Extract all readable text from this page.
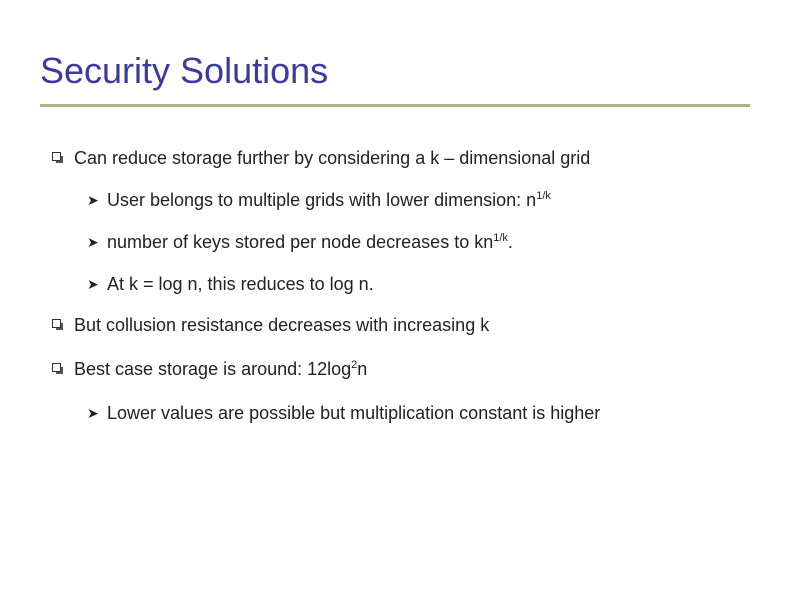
Security Solutions
Can reduce storage further by considering a k – dimensional grid
➤ User belongs to multiple grids with lower dimension: $n^{1/k}$
➤ number of keys stored per node decreases to $kn^{1/k}$.
➤ At k = log n, this reduces to log n.
But collusion resistance decreases with increasing k
Best case storage is around: $12\log^2n$
➤ Lower values are possible but multiplication constant is higher
